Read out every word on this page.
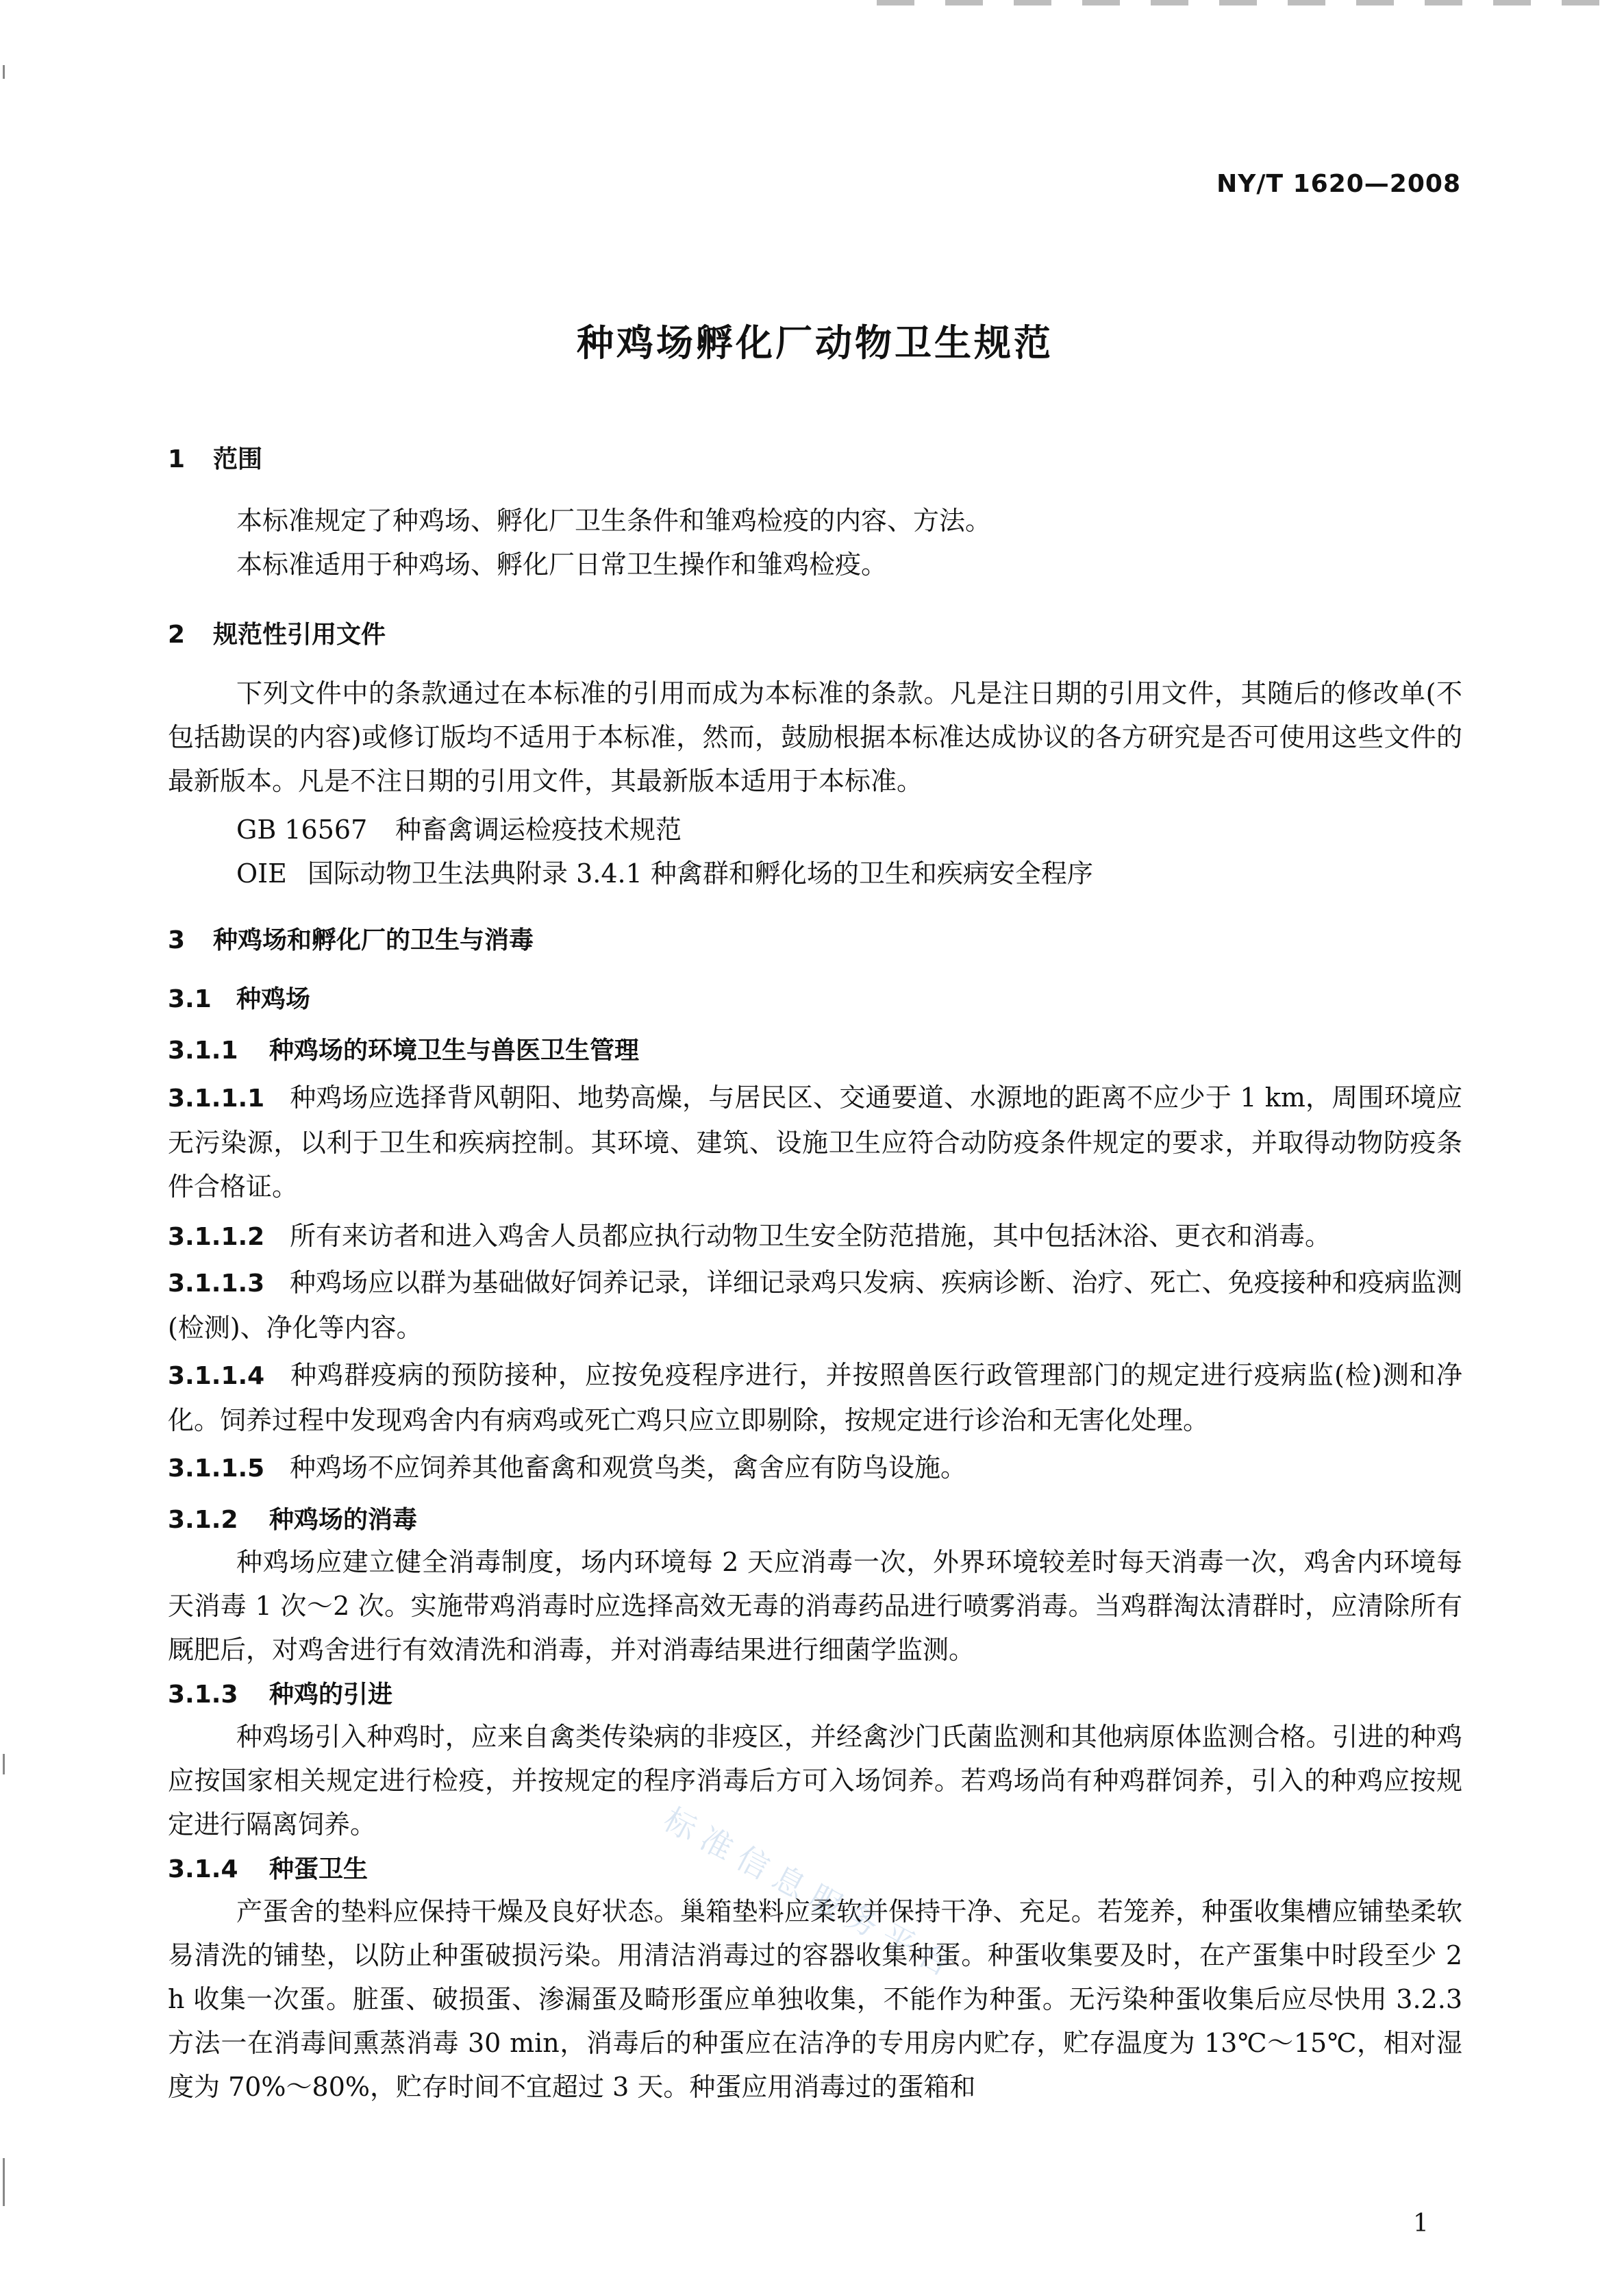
NY/T 1620—2008
种鸡场孵化厂动物卫生规范
1 范围
本标准规定了种鸡场、孵化厂卫生条件和雏鸡检疫的内容、方法。
本标准适用于种鸡场、孵化厂日常卫生操作和雏鸡检疫。
2 规范性引用文件
下列文件中的条款通过在本标准的引用而成为本标准的条款。凡是注日期的引用文件，其随后的修改单(不包括勘误的内容)或修订版均不适用于本标准，然而，鼓励根据本标准达成协议的各方研究是否可使用这些文件的最新版本。凡是不注日期的引用文件，其最新版本适用于本标准。
GB 16567 种畜禽调运检疫技术规范
OIE 国际动物卫生法典附录 3.4.1 种禽群和孵化场的卫生和疾病安全程序
3 种鸡场和孵化厂的卫生与消毒
3.1 种鸡场
3.1.1 种鸡场的环境卫生与兽医卫生管理
3.1.1.1 种鸡场应选择背风朝阳、地势高燥，与居民区、交通要道、水源地的距离不应少于 1 km，周围环境应无污染源，以利于卫生和疾病控制。其环境、建筑、设施卫生应符合动防疫条件规定的要求，并取得动物防疫条件合格证。
3.1.1.2 所有来访者和进入鸡舍人员都应执行动物卫生安全防范措施，其中包括沐浴、更衣和消毒。
3.1.1.3 种鸡场应以群为基础做好饲养记录，详细记录鸡只发病、疾病诊断、治疗、死亡、免疫接种和疫病监测(检测)、净化等内容。
3.1.1.4 种鸡群疫病的预防接种，应按免疫程序进行，并按照兽医行政管理部门的规定进行疫病监(检)测和净化。饲养过程中发现鸡舍内有病鸡或死亡鸡只应立即剔除，按规定进行诊治和无害化处理。
3.1.1.5 种鸡场不应饲养其他畜禽和观赏鸟类，禽舍应有防鸟设施。
3.1.2 种鸡场的消毒
种鸡场应建立健全消毒制度，场内环境每 2 天应消毒一次，外界环境较差时每天消毒一次，鸡舍内环境每天消毒 1 次～2 次。实施带鸡消毒时应选择高效无毒的消毒药品进行喷雾消毒。当鸡群淘汰清群时，应清除所有厩肥后，对鸡舍进行有效清洗和消毒，并对消毒结果进行细菌学监测。
3.1.3 种鸡的引进
种鸡场引入种鸡时，应来自禽类传染病的非疫区，并经禽沙门氏菌监测和其他病原体监测合格。引进的种鸡应按国家相关规定进行检疫，并按规定的程序消毒后方可入场饲养。若鸡场尚有种鸡群饲养，引入的种鸡应按规定进行隔离饲养。
3.1.4 种蛋卫生
产蛋舍的垫料应保持干燥及良好状态。巢箱垫料应柔软并保持干净、充足。若笼养，种蛋收集槽应铺垫柔软易清洗的铺垫，以防止种蛋破损污染。用清洁消毒过的容器收集种蛋。种蛋收集要及时，在产蛋集中时段至少 2 h 收集一次蛋。脏蛋、破损蛋、渗漏蛋及畸形蛋应单独收集，不能作为种蛋。无污染种蛋收集后应尽快用 3.2.3 方法一在消毒间熏蒸消毒 30 min，消毒后的种蛋应在洁净的专用房内贮存，贮存温度为 13℃～15℃，相对湿度为 70%～80%，贮存时间不宜超过 3 天。种蛋应用消毒过的蛋箱和
标准信息服务平台
1
